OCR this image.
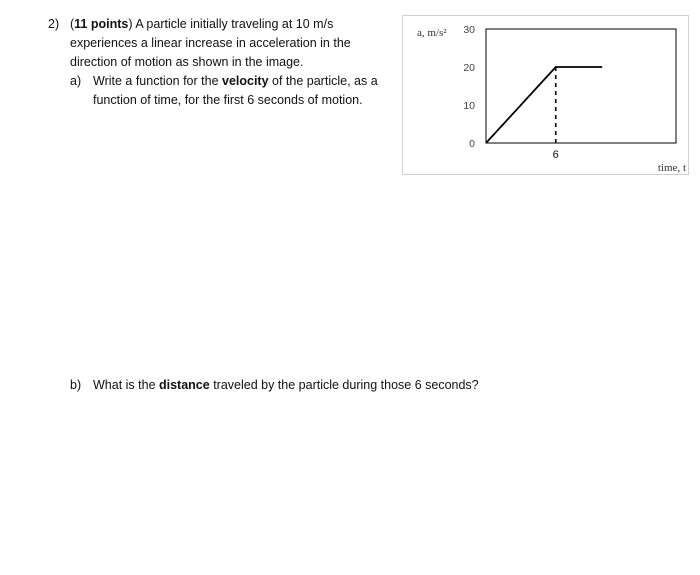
2) (11 points) A particle initially traveling at 10 m/s
experiences a linear increase in acceleration in the
direction of motion as shown in the image.
a) Write a function for the velocity of the particle, as a
function of time, for the first 6 seconds of motion.
b) What is the distance traveled by the particle during those 6 seconds?
0
10
20
30
a, m/s²
6
time, t
